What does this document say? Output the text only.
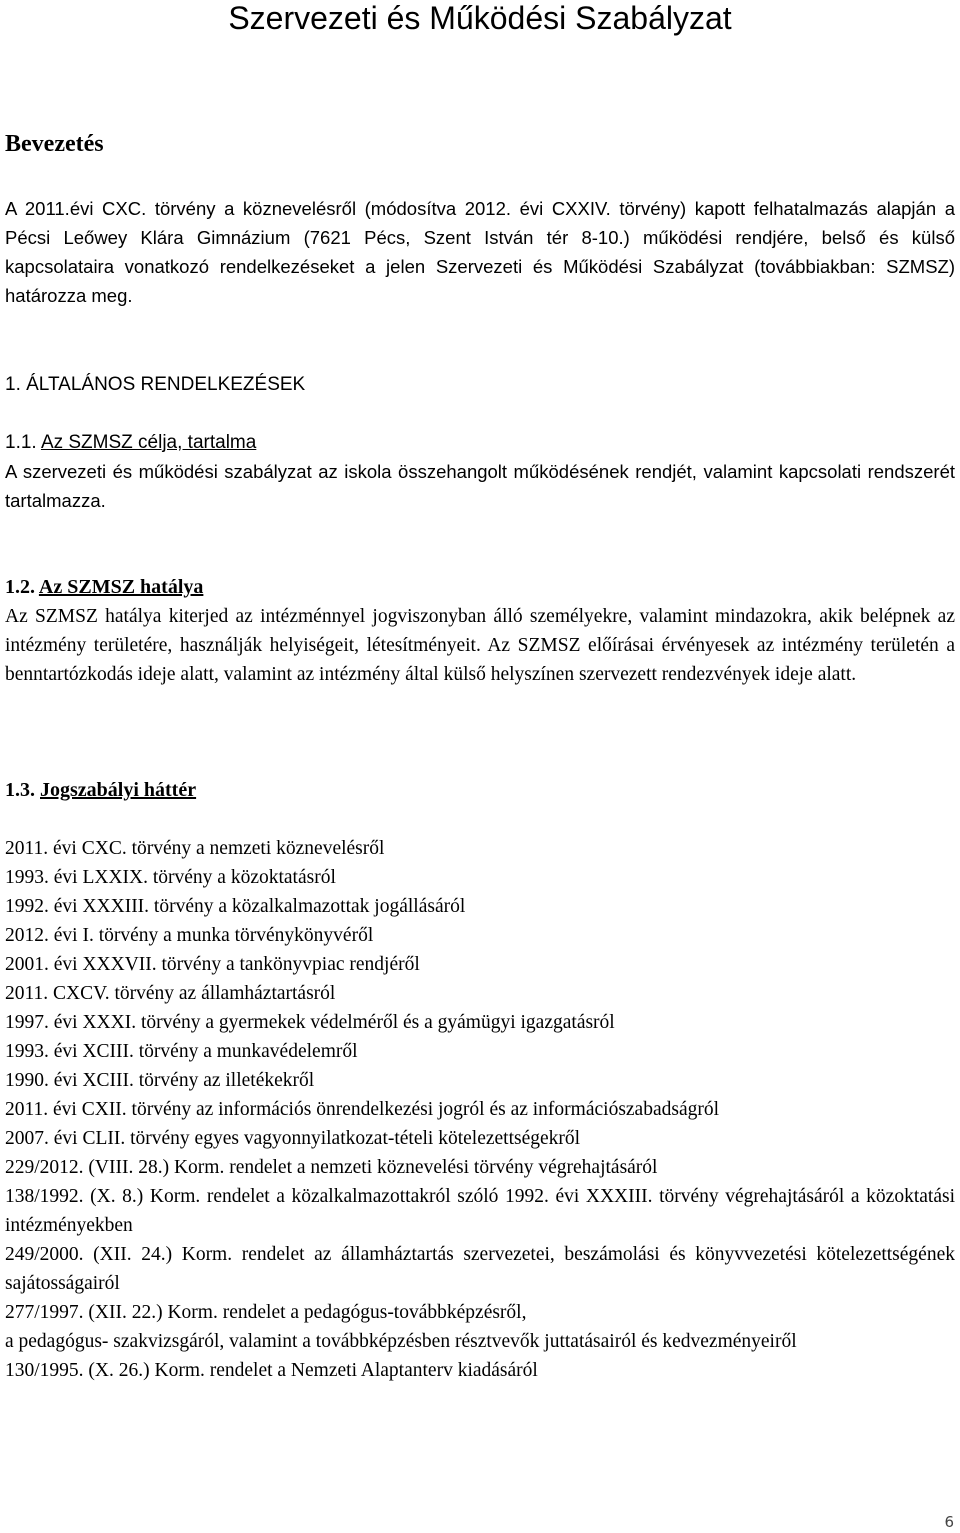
Szervezeti és Működési Szabályzat
Bevezetés

A 2011.évi CXC. törvény a köznevelésről (módosítva 2012. évi CXXIV. törvény) kapott felhatalmazás alapján a Pécsi Leőwey Klára Gimnázium (7621 Pécs, Szent István tér 8-10.) működési rendjére, belső és külső kapcsolataira vonatkozó rendelkezéseket a jelen Szervezeti és Működési Szabályzat (továbbiakban: SZMSZ) határozza meg.

1. ÁLTALÁNOS RENDELKEZÉSEK
1.1. Az SZMSZ célja, tartalma

A szervezeti és működési szabályzat az iskola összehangolt működésének rendjét, valamint kapcsolati rendszerét tartalmazza.

1.2. Az SZMSZ hatálya

Az SZMSZ hatálya kiterjed az intézménnyel jogviszonyban álló személyekre, valamint mindazokra, akik belépnek az intézmény területére, használják helyiségeit, létesítményeit. Az SZMSZ előírásai érvényesek az intézmény területén a benntartózkodás ideje alatt, valamint az intézmény által külső helyszínen szervezett rendezvények ideje alatt.

1.3. Jogszabályi háttér
2011. évi CXC. törvény a nemzeti köznevelésről
1993. évi LXXIX. törvény a közoktatásról
1992. évi XXXIII. törvény a közalkalmazottak jogállásáról
2012. évi I. törvény a munka törvénykönyvéről
2001. évi XXXVII. törvény a tankönyvpiac rendjéről
2011. CXCV. törvény az államháztartásról
1997. évi XXXI. törvény a gyermekek védelméről és a gyámügyi igazgatásról
1993. évi XCIII. törvény a munkavédelemről
1990. évi XCIII. törvény az illetékekről
2011. évi CXII. törvény az információs önrendelkezési jogról és az információszabadságról
2007. évi CLII. törvény egyes vagyonnyilatkozat-tételi kötelezettségekről
229/2012. (VIII. 28.) Korm. rendelet a nemzeti köznevelési törvény végrehajtásáról
138/1992. (X. 8.) Korm. rendelet a közalkalmazottakról szóló 1992. évi XXXIII. törvény végrehajtásáról a közoktatási intézményekben
249/2000. (XII. 24.) Korm. rendelet az államháztartás szervezetei, beszámolási és könyvvezetési kötelezettségének sajátosságairól
277/1997. (XII. 22.) Korm. rendelet a pedagógus-továbbképzésről,
a pedagógus- szakvizsgáról, valamint a továbbképzésben résztvevők juttatásairól és kedvezményeiről
130/1995. (X. 26.) Korm. rendelet a Nemzeti Alaptanterv kiadásáról
6
